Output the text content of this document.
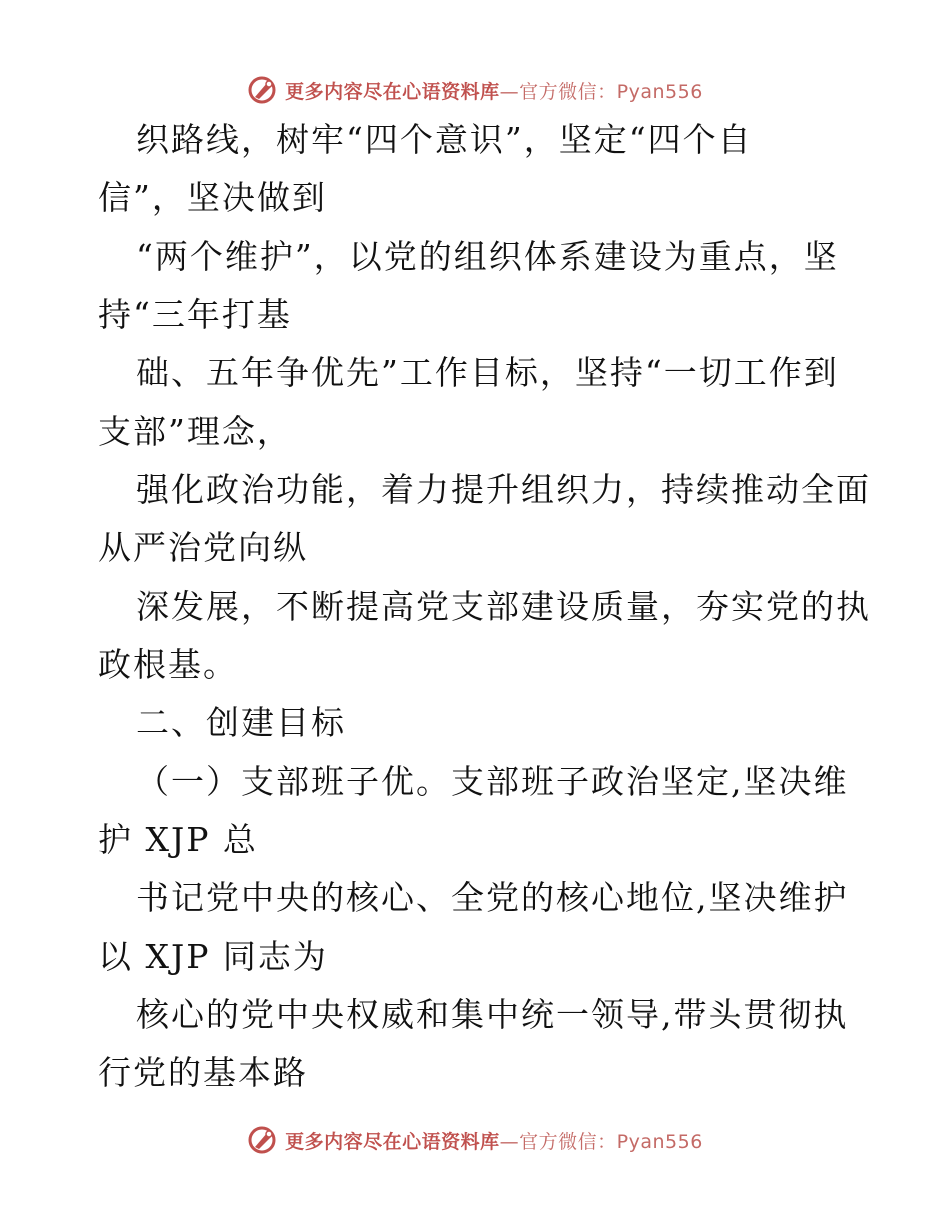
更多内容尽在心语资料库—官方微信：Pyan556
织路线，树牢“四个意识”，坚定“四个自
信”，坚决做到
“两个维护”，以党的组织体系建设为重点，坚
持“三年打基
础、五年争优先”工作目标，坚持“一切工作到
支部”理念，
强化政治功能，着力提升组织力，持续推动全面
从严治党向纵
深发展，不断提高党支部建设质量，夯实党的执
政根基。
二、创建目标
（一）支部班子优。支部班子政治坚定,坚决维
护 XJP 总
书记党中央的核心、全党的核心地位,坚决维护
以 XJP 同志为
核心的党中央权威和集中统一领导,带头贯彻执
行党的基本路
更多内容尽在心语资料库—官方微信：Pyan556
